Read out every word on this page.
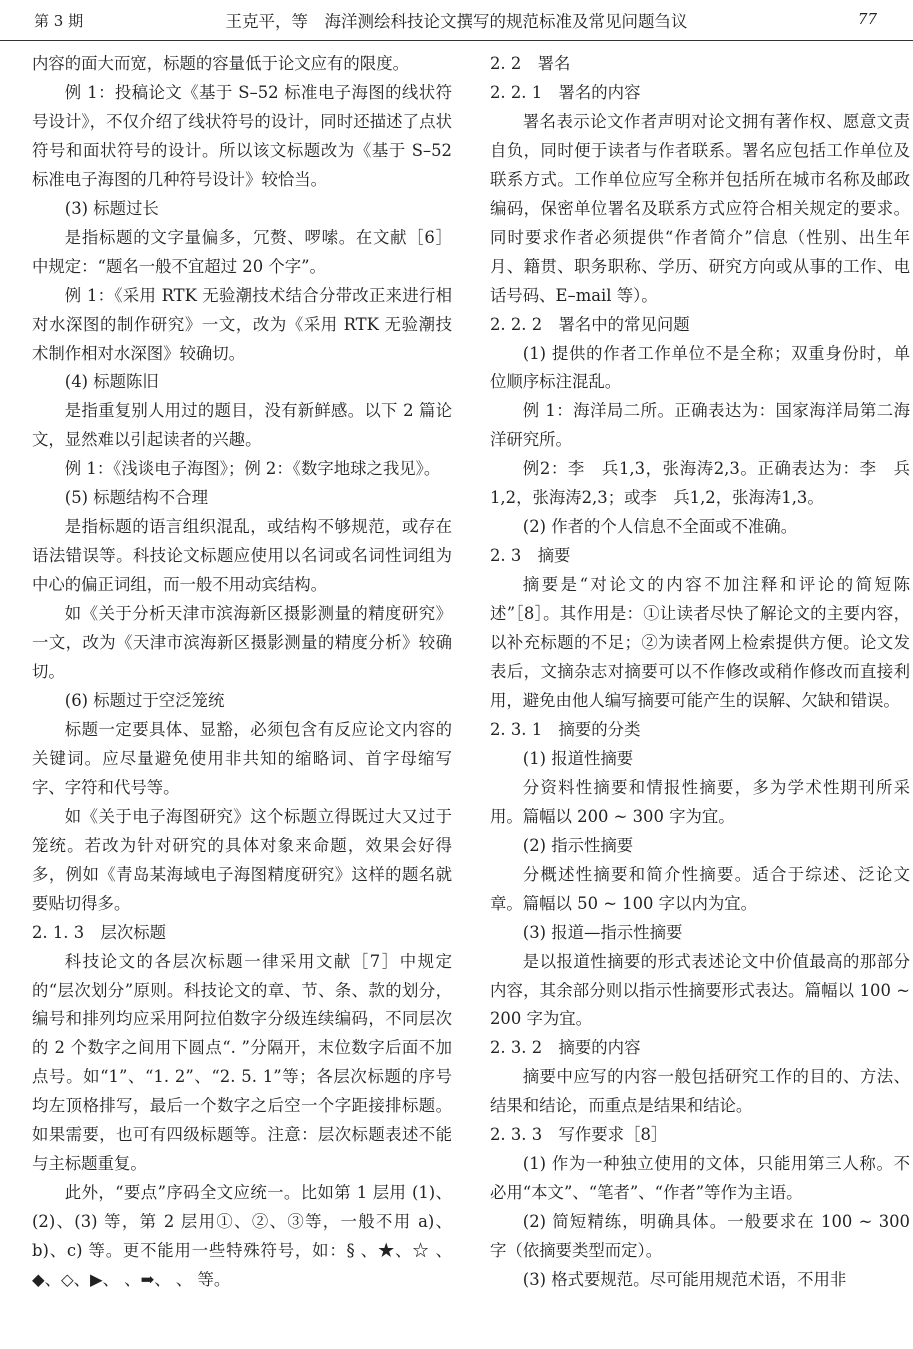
第 3 期	王克平，等　海洋测绘科技论文撰写的规范标准及常见问题刍议	77

内容的面大而宽，标题的容量低于论文应有的限度。

例 1：投稿论文《基于 S–52 标准电子海图的线状符号设计》，不仅介绍了线状符号的设计，同时还描述了点状符号和面状符号的设计。所以该文标题改为《基于 S–52 标准电子海图的几种符号设计》较恰当。

(3) 标题过长

是指标题的文字量偏多，冗赘、啰嗦。在文献［6］中规定：“题名一般不宜超过 20 个字”。

例 1：《采用 RTK 无验潮技术结合分带改正来进行相对水深图的制作研究》一文，改为《采用 RTK 无验潮技术制作相对水深图》较确切。

(4) 标题陈旧

是指重复别人用过的题目，没有新鲜感。以下 2 篇论文，显然难以引起读者的兴趣。

例 1：《浅谈电子海图》；例 2：《数字地球之我见》。

(5) 标题结构不合理

是指标题的语言组织混乱，或结构不够规范，或存在语法错误等。科技论文标题应使用以名词或名词性词组为中心的偏正词组，而一般不用动宾结构。

如《关于分析天津市滨海新区摄影测量的精度研究》一文，改为《天津市滨海新区摄影测量的精度分析》较确切。

(6) 标题过于空泛笼统

标题一定要具体、显豁，必须包含有反应论文内容的关键词。应尽量避免使用非共知的缩略词、首字母缩写字、字符和代号等。

如《关于电子海图研究》这个标题立得既过大又过于笼统。若改为针对研究的具体对象来命题，效果会好得多，例如《青岛某海域电子海图精度研究》这样的题名就要贴切得多。

2. 1. 3　层次标题

科技论文的各层次标题一律采用文献［7］中规定的“层次划分”原则。科技论文的章、节、条、款的划分，编号和排列均应采用阿拉伯数字分级连续编码，不同层次的 2 个数字之间用下圆点“. ”分隔开，末位数字后面不加点号。如“1”、“1. 2”、“2. 5. 1”等；各层次标题的序号均左顶格排写，最后一个数字之后空一个字距接排标题。如果需要，也可有四级标题等。注意：层次标题表述不能与主标题重复。

此外，“要点”序码全文应统一。比如第 1 层用 (1)、(2)、(3) 等，第 2 层用①、②、③等，一般不用 a)、b)、c) 等。更不能用一些特殊符号，如：§ 、★、☆ 、◆、◇、▶、 、➡、 、 等。

2. 2　署名

2. 2. 1　署名的内容

署名表示论文作者声明对论文拥有著作权、愿意文责自负，同时便于读者与作者联系。署名应包括工作单位及联系方式。工作单位应写全称并包括所在城市名称及邮政编码，保密单位署名及联系方式应符合相关规定的要求。同时要求作者必须提供“作者简介”信息（性别、出生年月、籍贯、职务职称、学历、研究方向或从事的工作、电话号码、E–mail 等）。

2. 2. 2　署名中的常见问题

(1) 提供的作者工作单位不是全称；双重身份时，单位顺序标注混乱。

例 1：海洋局二所。正确表达为：国家海洋局第二海洋研究所。

例2：李　兵1,3，张海涛2,3。正确表达为：李　兵1,2，张海涛2,3；或李　兵1,2，张海涛1,3。

(2) 作者的个人信息不全面或不准确。

2. 3　摘要

摘要是“对论文的内容不加注释和评论的简短陈述”［8］。其作用是：①让读者尽快了解论文的主要内容，以补充标题的不足；②为读者网上检索提供方便。论文发表后，文摘杂志对摘要可以不作修改或稍作修改而直接利用，避免由他人编写摘要可能产生的误解、欠缺和错误。

2. 3. 1　摘要的分类

(1) 报道性摘要

分资料性摘要和情报性摘要，多为学术性期刊所采用。篇幅以 200 ~ 300 字为宜。

(2) 指示性摘要

分概述性摘要和简介性摘要。适合于综述、泛论文章。篇幅以 50 ~ 100 字以内为宜。

(3) 报道—指示性摘要

是以报道性摘要的形式表述论文中价值最高的那部分内容，其余部分则以指示性摘要形式表达。篇幅以 100 ~ 200 字为宜。

2. 3. 2　摘要的内容

摘要中应写的内容一般包括研究工作的目的、方法、结果和结论，而重点是结果和结论。

2. 3. 3　写作要求［8］

(1) 作为一种独立使用的文体，只能用第三人称。不必用“本文”、“笔者”、“作者”等作为主语。

(2) 简短精练，明确具体。一般要求在 100 ~ 300 字（依摘要类型而定）。

(3) 格式要规范。尽可能用规范术语，不用非
